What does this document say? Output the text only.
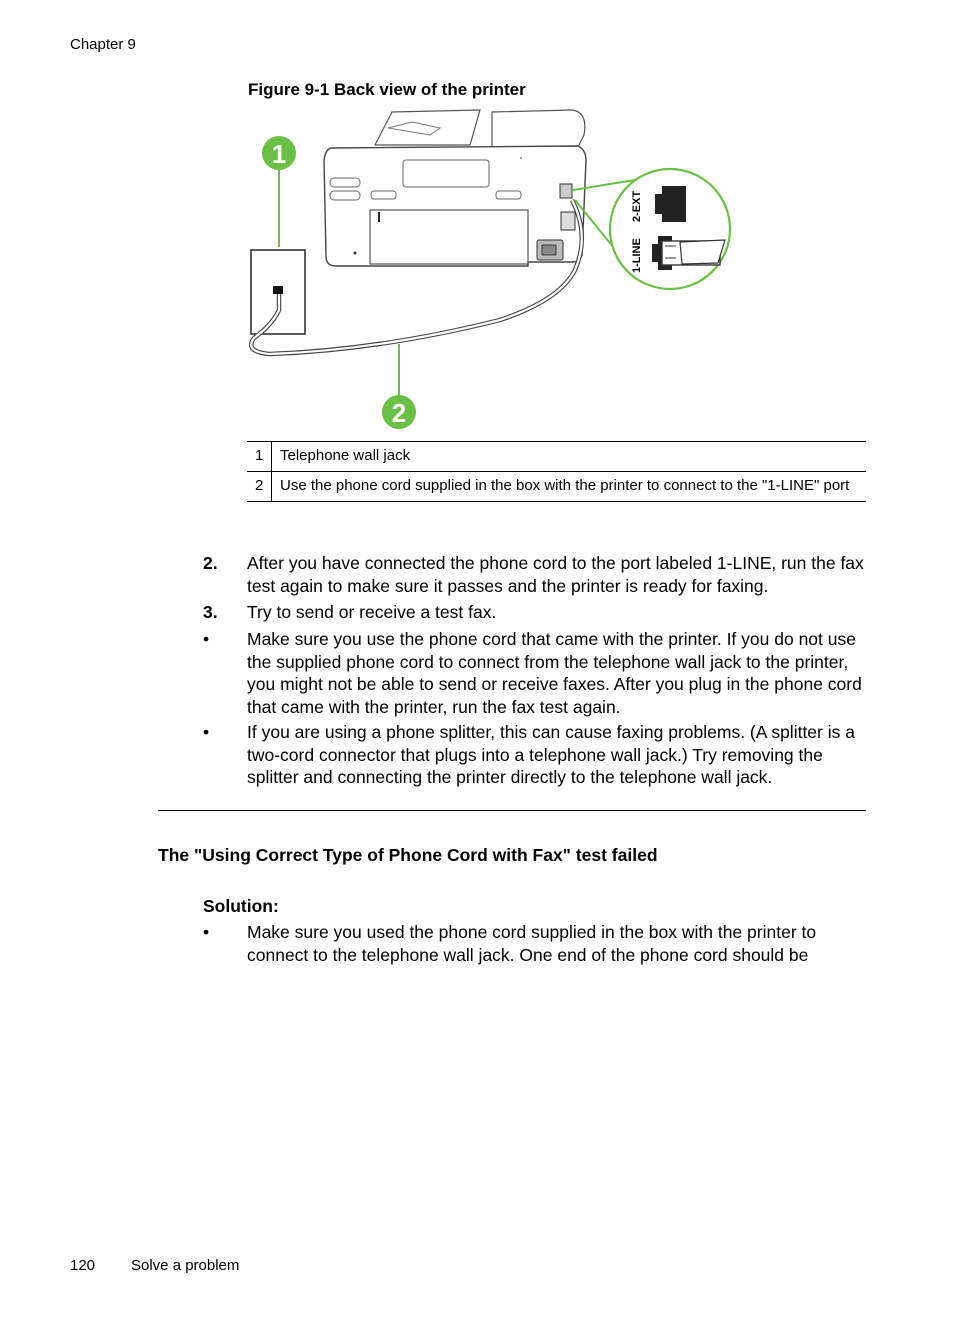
Chapter 9
Figure 9-1 Back view of the printer
1-LINE
2-EXT
1
2
1	Telephone wall jack
2	Use the phone cord supplied in the box with the printer to connect to the "1-LINE" port
2.	After you have connected the phone cord to the port labeled 1-LINE, run the fax test again to make sure it passes and the printer is ready for faxing.
3.	Try to send or receive a test fax.
•	Make sure you use the phone cord that came with the printer. If you do not use the supplied phone cord to connect from the telephone wall jack to the printer, you might not be able to send or receive faxes. After you plug in the phone cord that came with the printer, run the fax test again.
•	If you are using a phone splitter, this can cause faxing problems. (A splitter is a two-cord connector that plugs into a telephone wall jack.) Try removing the splitter and connecting the printer directly to the telephone wall jack.
The "Using Correct Type of Phone Cord with Fax" test failed
Solution:
•	Make sure you used the phone cord supplied in the box with the printer to connect to the telephone wall jack. One end of the phone cord should be
120 Solve a problem
